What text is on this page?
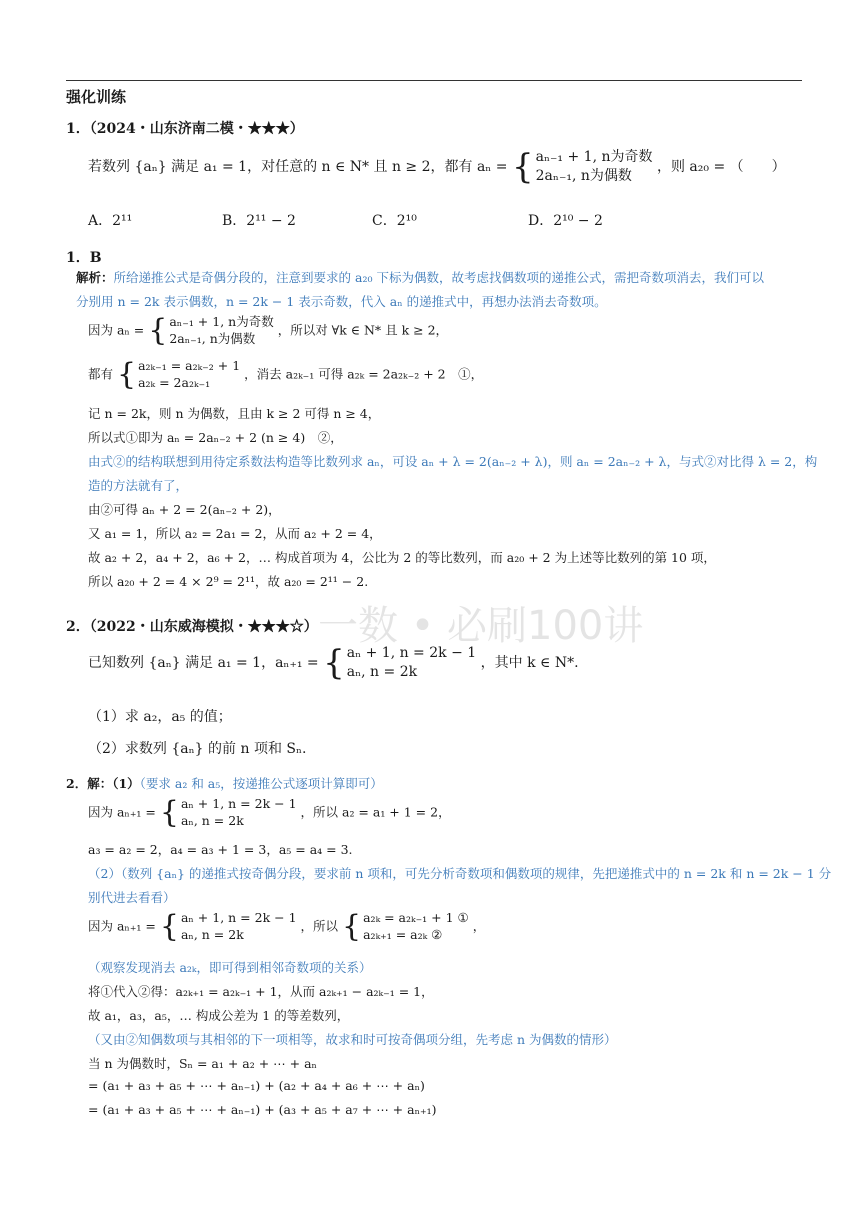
强化训练
1．（2024・山东济南二模・★★★）
若数列 {aₙ} 满足 a₁ = 1，对任意的 n ∈ N* 且 n ≥ 2，都有 aₙ = { aₙ₋₁ + 1, n为奇数
2aₙ₋₁, n为偶数
，则 a₂₀ = （　　）
A．2¹¹	B．2¹¹ − 2	C．2¹⁰	D．2¹⁰ − 2
1．B
解析：所给递推公式是奇偶分段的，注意到要求的 a₂₀ 下标为偶数，故考虑找偶数项的递推公式，需把奇数项消去，我们可以
分别用 n = 2k 表示偶数，n = 2k − 1 表示奇数，代入 aₙ 的递推式中，再想办法消去奇数项。
因为 aₙ = { aₙ₋₁ + 1, n为奇数
2aₙ₋₁, n为偶数
，所以对 ∀k ∈ N* 且 k ≥ 2，
都有 { a₂ₖ₋₁ = a₂ₖ₋₂ + 1
a₂ₖ = 2a₂ₖ₋₁
，消去 a₂ₖ₋₁ 可得 a₂ₖ = 2a₂ₖ₋₂ + 2　①，
记 n = 2k，则 n 为偶数，且由 k ≥ 2 可得 n ≥ 4，
所以式①即为 aₙ = 2aₙ₋₂ + 2 (n ≥ 4)　②，
由式②的结构联想到用待定系数法构造等比数列求 aₙ，可设 aₙ + λ = 2(aₙ₋₂ + λ)，则 aₙ = 2aₙ₋₂ + λ，与式②对比得 λ = 2，构
造的方法就有了，
由②可得 aₙ + 2 = 2(aₙ₋₂ + 2)，
又 a₁ = 1，所以 a₂ = 2a₁ = 2，从而 a₂ + 2 = 4，
故 a₂ + 2，a₄ + 2，a₆ + 2，… 构成首项为 4，公比为 2 的等比数列，而 a₂₀ + 2 为上述等比数列的第 10 项，
所以 a₂₀ + 2 = 4 × 2⁹ = 2¹¹，故 a₂₀ = 2¹¹ − 2.
一数 • 必刷100讲
2．（2022・山东威海模拟・★★★☆）
已知数列 {aₙ} 满足 a₁ = 1，aₙ₊₁ = { aₙ + 1, n = 2k − 1
aₙ, n = 2k
，其中 k ∈ N*.
（1）求 a₂，a₅ 的值；
（2）求数列 {aₙ} 的前 n 项和 Sₙ.
2．解：（1）（要求 a₂ 和 a₅，按递推公式逐项计算即可）
因为 aₙ₊₁ = { aₙ + 1, n = 2k − 1
aₙ, n = 2k
，所以 a₂ = a₁ + 1 = 2，
a₃ = a₂ = 2，a₄ = a₃ + 1 = 3，a₅ = a₄ = 3.
（2）（数列 {aₙ} 的递推式按奇偶分段，要求前 n 项和，可先分析奇数项和偶数项的规律，先把递推式中的 n = 2k 和 n = 2k − 1 分
别代进去看看）
因为 aₙ₊₁ = { aₙ + 1, n = 2k − 1
aₙ, n = 2k
，所以 { a₂ₖ = a₂ₖ₋₁ + 1 ①
a₂ₖ₊₁ = a₂ₖ ②
，
（观察发现消去 a₂ₖ，即可得到相邻奇数项的关系）
将①代入②得：a₂ₖ₊₁ = a₂ₖ₋₁ + 1，从而 a₂ₖ₊₁ − a₂ₖ₋₁ = 1，
故 a₁，a₃，a₅，… 构成公差为 1 的等差数列，
（又由②知偶数项与其相邻的下一项相等，故求和时可按奇偶项分组，先考虑 n 为偶数的情形）
当 n 为偶数时，Sₙ = a₁ + a₂ + ⋯ + aₙ
= (a₁ + a₃ + a₅ + ⋯ + aₙ₋₁) + (a₂ + a₄ + a₆ + ⋯ + aₙ)
= (a₁ + a₃ + a₅ + ⋯ + aₙ₋₁) + (a₃ + a₅ + a₇ + ⋯ + aₙ₊₁)
